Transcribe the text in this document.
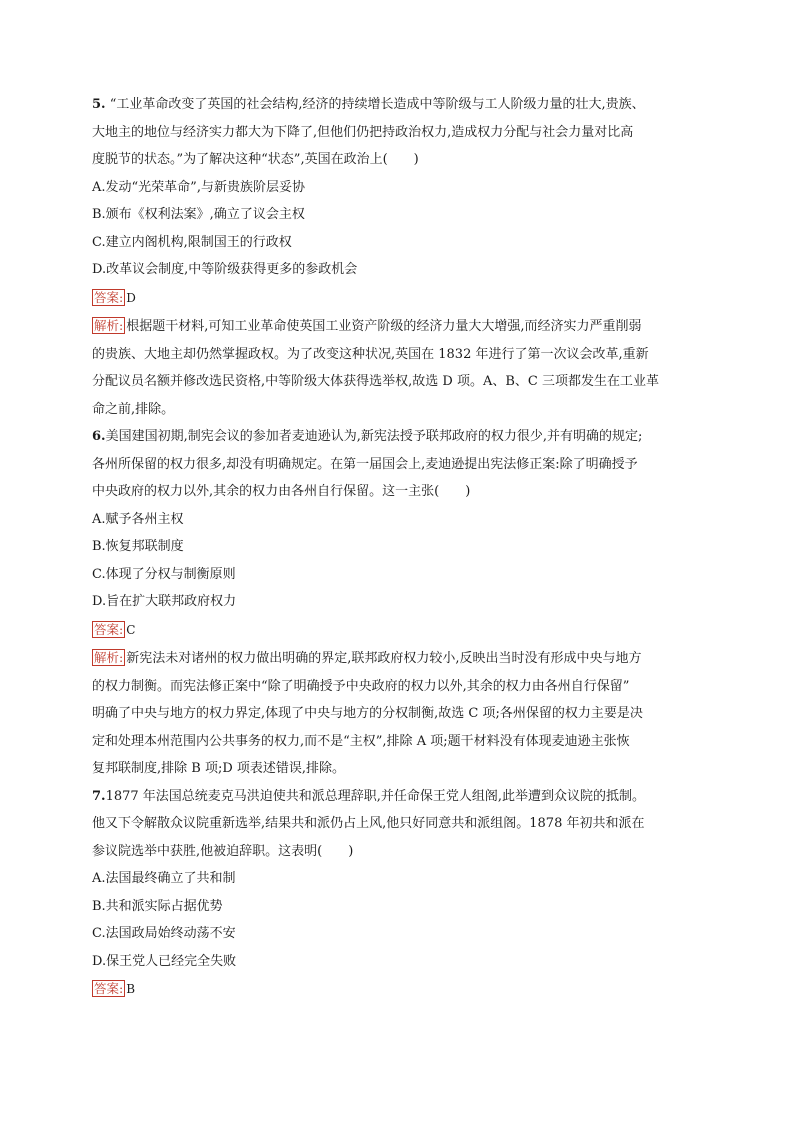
5. “工业革命改变了英国的社会结构,经济的持续增长造成中等阶级与工人阶级力量的壮大,贵族、
大地主的地位与经济实力都大为下降了,但他们仍把持政治权力,造成权力分配与社会力量对比高
度脱节的状态。”为了解决这种“状态”,英国在政治上(　　)
A.发动“光荣革命”,与新贵族阶层妥协
B.颁布《权利法案》,确立了议会主权
C.建立内阁机构,限制国王的行政权
D.改革议会制度,中等阶级获得更多的参政机会
答案: D
解析: 根据题干材料,可知工业革命使英国工业资产阶级的经济力量大大增强,而经济实力严重削弱
的贵族、大地主却仍然掌握政权。为了改变这种状况,英国在 1832 年进行了第一次议会改革,重新
分配议员名额并修改选民资格,中等阶级大体获得选举权,故选 D 项。A、B、C 三项都发生在工业革
命之前,排除。
6.美国建国初期,制宪会议的参加者麦迪逊认为,新宪法授予联邦政府的权力很少,并有明确的规定;
各州所保留的权力很多,却没有明确规定。在第一届国会上,麦迪逊提出宪法修正案:除了明确授予
中央政府的权力以外,其余的权力由各州自行保留。这一主张(　　)
A.赋予各州主权
B.恢复邦联制度
C.体现了分权与制衡原则
D.旨在扩大联邦政府权力
答案: C
解析: 新宪法未对诸州的权力做出明确的界定,联邦政府权力较小,反映出当时没有形成中央与地方
的权力制衡。而宪法修正案中“除了明确授予中央政府的权力以外,其余的权力由各州自行保留”
明确了中央与地方的权力界定,体现了中央与地方的分权制衡,故选 C 项;各州保留的权力主要是决
定和处理本州范围内公共事务的权力,而不是“主权”,排除 A 项;题干材料没有体现麦迪逊主张恢
复邦联制度,排除 B 项;D 项表述错误,排除。
7.1877 年法国总统麦克马洪迫使共和派总理辞职,并任命保王党人组阁,此举遭到众议院的抵制。
他又下令解散众议院重新选举,结果共和派仍占上风,他只好同意共和派组阁。1878 年初共和派在
参议院选举中获胜,他被迫辞职。这表明(　　)
A.法国最终确立了共和制
B.共和派实际占据优势
C.法国政局始终动荡不安
D.保王党人已经完全失败
答案: B
